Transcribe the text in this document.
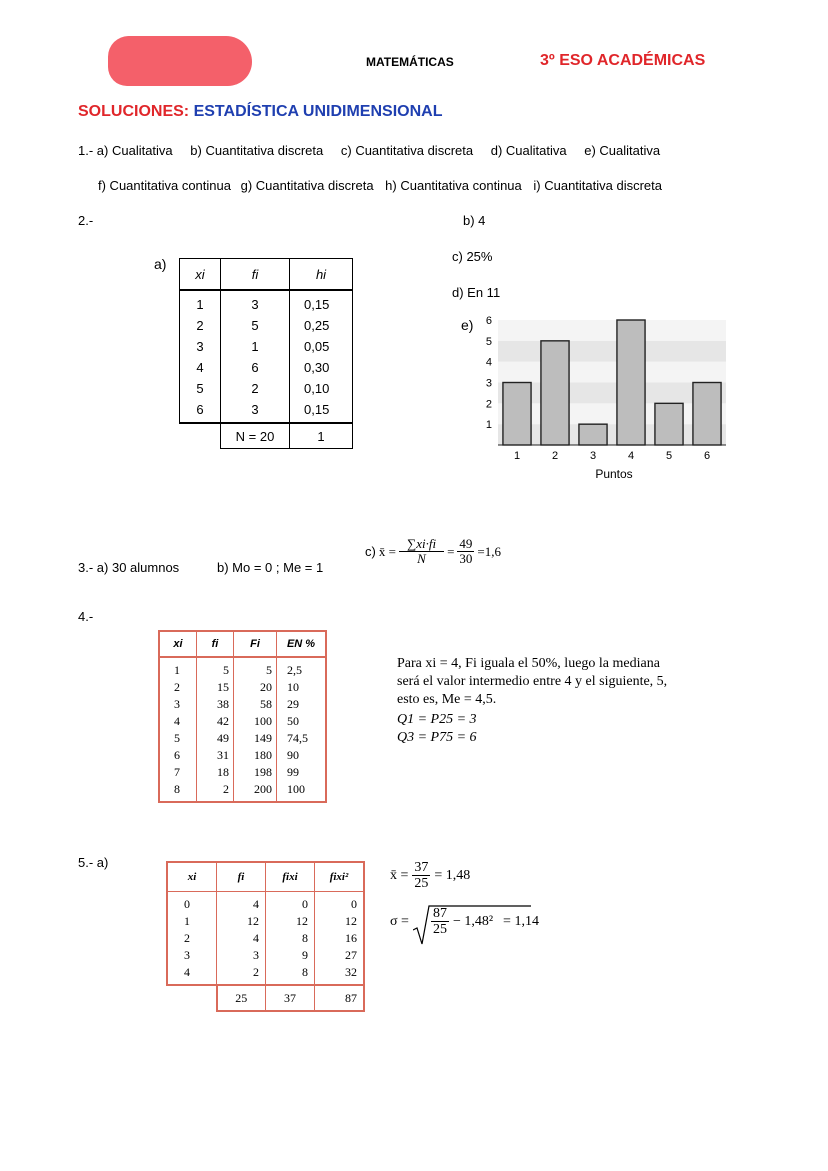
MATEMÁTICAS	3º ESO ACADÉMICAS
SOLUCIONES: ESTADÍSTICA UNIDIMENSIONAL
1.- a) Cualitativa b) Cuantitativa discreta c) Cuantitativa discreta d) Cualitativa e) Cualitativa
f) Cuantitativa continua g) Cuantitativa discreta h) Cuantitativa continua i) Cuantitativa discreta
2.-	b) 4
c) 25%
d) En 11
a)
e)
xi	fi	hi
1	3	0,15
2	5	0,25
3	1	0,05
4	6	0,30
5	2	0,10
6	3	0,15
	N = 20	1
1
2
3
4
5
6
1	2	3	4	5	6
Puntos
3.- a) 30 alumnos	b) Mo = 0 ; Me = 1
c) x̄ = $\frac{\sum xi\cdot fi}{N} = \frac{49}{30} =1,6$
4.-
xi	fi	Fi	EN %
1	5	5	2,5
2	15	20	10
3	38	58	29
4	42	100	50
5	49	149	74,5
6	31	180	90
7	18	198	99
8	2	200	100
Para xi = 4, Fi iguala el 50%, luego la mediana
será el valor intermedio entre 4 y el siguiente, 5,
esto es, Me = 4,5.
Q1 = P25 = 3
Q3 = P75 = 6
5.- a)
xi	fi	fixi	fixi²
0	4	0	0
1	12	12	12
2	4	8	16
3	3	9	27
4	2	8	32
	25	37	87
x̄ = $\frac{37}{25} = 1,48$
$\sigma = \frac{87}{25} - 1,48^2 = 1,14$
